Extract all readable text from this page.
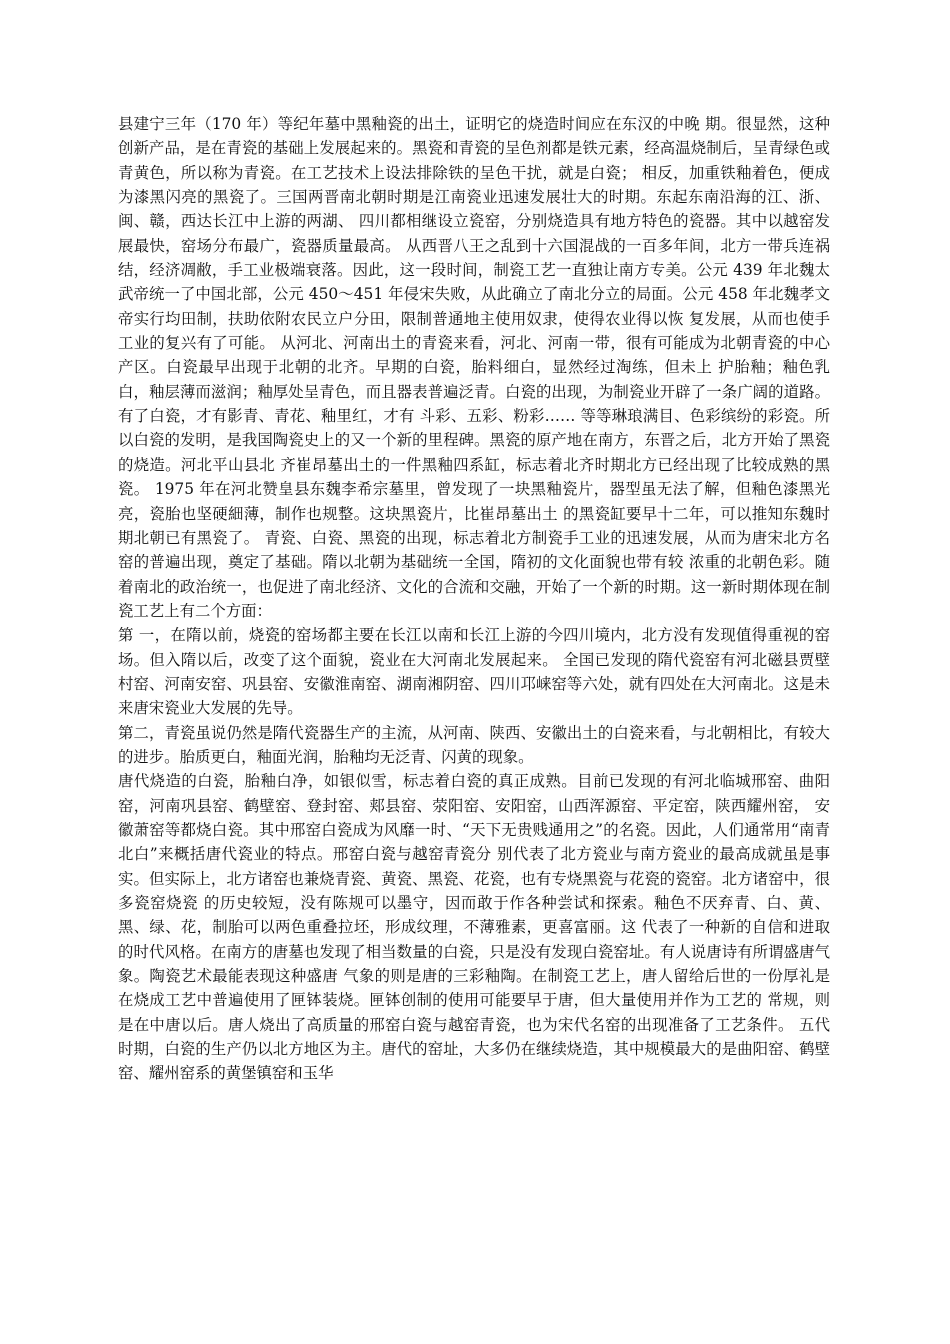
县建宁三年（170 年）等纪年墓中黑釉瓷的出土，证明它的烧造时间应在东汉的中晚 期。很显然，这种创新产品，是在青瓷的基础上发展起来的。黑瓷和青瓷的呈色剂都是铁元素，经高温烧制后，呈青绿色或青黄色，所以称为青瓷。在工艺技术上设法排除铁的呈色干扰，就是白瓷； 相反，加重铁釉着色，便成为漆黑闪亮的黑瓷了。三国两晋南北朝时期是江南瓷业迅速发展壮大的时期。东起东南沿海的江、浙、闽、赣，西达长江中上游的两湖、 四川都相继设立瓷窑，分别烧造具有地方特色的瓷器。其中以越窑发展最快，窑场分布最广，瓷器质量最高。 从西晋八王之乱到十六国混战的一百多年间，北方一带兵连祸结，经济凋敝，手工业极端衰落。因此，这一段时间，制瓷工艺一直独让南方专美。公元 439 年北魏太武帝统一了中国北部，公元 450～451 年侵宋失败，从此确立了南北分立的局面。公元 458 年北魏孝文帝实行均田制，扶助依附农民立户分田，限制普通地主使用奴隶，使得农业得以恢 复发展，从而也使手工业的复兴有了可能。 从河北、河南出土的青瓷来看，河北、河南一带，很有可能成为北朝青瓷的中心产区。白瓷最早出现于北朝的北齐。早期的白瓷，胎料细白，显然经过淘练，但未上 护胎釉；釉色乳白，釉层薄而滋润；釉厚处呈青色，而且器表普遍泛青。白瓷的出现，为制瓷业开辟了一条广阔的道路。有了白瓷，才有影青、青花、釉里红，才有 斗彩、五彩、粉彩…… 等等琳琅满目、色彩缤纷的彩瓷。所以白瓷的发明，是我国陶瓷史上的又一个新的里程碑。黑瓷的原产地在南方，东晋之后，北方开始了黑瓷的烧造。河北平山县北 齐崔昂墓出土的一件黑釉四系缸，标志着北齐时期北方已经出现了比较成熟的黑瓷。 1975 年在河北赞皇县东魏李希宗墓里，曾发现了一块黑釉瓷片，器型虽无法了解，但釉色漆黑光亮，瓷胎也坚硬細薄，制作也规整。这块黑瓷片，比崔昂墓出土 的黑瓷缸要早十二年，可以推知东魏时期北朝已有黑瓷了。 青瓷、白瓷、黑瓷的出现，标志着北方制瓷手工业的迅速发展，从而为唐宋北方名窑的普遍出现，奠定了基础。隋以北朝为基础统一全国，隋初的文化面貌也带有较 浓重的北朝色彩。随着南北的政治统一，也促进了南北经济、文化的合流和交融，开始了一个新的时期。这一新时期体现在制瓷工艺上有二个方面：

第 一，在隋以前，烧瓷的窑场都主要在长江以南和长江上游的今四川境内，北方没有发现值得重视的窑场。但入隋以后，改变了这个面貌，瓷业在大河南北发展起来。 全国已发现的隋代瓷窑有河北磁县贾壁村窑、河南安窑、巩县窑、安徽淮南窑、湖南湘阴窑、四川邛崃窑等六处，就有四处在大河南北。这是未来唐宋瓷业大发展的先导。

第二，青瓷虽说仍然是隋代瓷器生产的主流，从河南、陕西、安徽出土的白瓷来看，与北朝相比，有较大的进步。胎质更白，釉面光润，胎釉均无泛青、闪黄的现象。

唐代烧造的白瓷，胎釉白净，如银似雪，标志着白瓷的真正成熟。目前已发现的有河北临城邢窑、曲阳窑，河南巩县窑、鹤壁窑、登封窑、郏县窑、荥阳窑、安阳窑，山西浑源窑、平定窑，陕西耀州窑， 安徽萧窑等都烧白瓷。其中邢窑白瓷成为风靡一时、“天下无贵贱通用之”的名瓷。因此，人们通常用“南青北白”来概括唐代瓷业的特点。邢窑白瓷与越窑青瓷分 别代表了北方瓷业与南方瓷业的最高成就虽是事实。但实际上，北方诸窑也兼烧青瓷、黄瓷、黑瓷、花瓷，也有专烧黑瓷与花瓷的瓷窑。北方诸窑中，很多瓷窑烧瓷 的历史较短，没有陈规可以墨守，因而敢于作各种尝试和探索。釉色不厌弃青、白、黄、黑、绿、花，制胎可以两色重叠拉坯，形成纹理，不薄雅素，更喜富丽。这 代表了一种新的自信和进取的时代风格。在南方的唐墓也发现了相当数量的白瓷，只是没有发现白瓷窑址。有人说唐诗有所谓盛唐气象。陶瓷艺术最能表现这种盛唐 气象的则是唐的三彩釉陶。在制瓷工艺上，唐人留给后世的一份厚礼是在烧成工艺中普遍使用了匣钵装烧。匣钵创制的使用可能要早于唐，但大量使用并作为工艺的 常规，则是在中唐以后。唐人烧出了高质量的邢窑白瓷与越窑青瓷，也为宋代名窑的出现准备了工艺条件。 五代时期，白瓷的生产仍以北方地区为主。唐代的窑址，大多仍在继续烧造，其中规模最大的是曲阳窑、鹤壁窑、耀州窑系的黄堡镇窑和玉华
